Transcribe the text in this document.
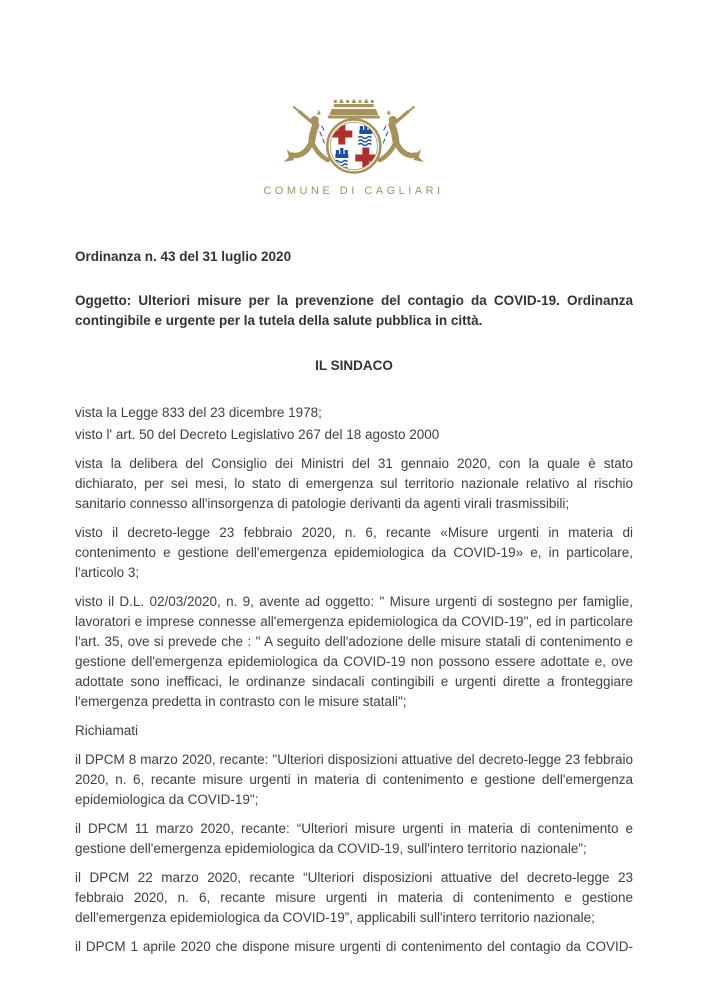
COMUNE DI CAGLIARI

Ordinanza n. 43 del 31 luglio 2020

Oggetto: Ulteriori misure per la prevenzione del contagio da COVID-19. Ordinanza contingibile e urgente per la tutela della salute pubblica in città.

IL SINDACO

vista la Legge 833 del 23 dicembre 1978;

visto l' art. 50 del Decreto Legislativo 267 del 18 agosto 2000

vista la delibera del Consiglio dei Ministri del 31 gennaio 2020, con la quale è stato dichiarato, per sei mesi, lo stato di emergenza sul territorio nazionale relativo al rischio sanitario connesso all'insorgenza di patologie derivanti da agenti virali trasmissibili;

visto il decreto-legge 23 febbraio 2020, n. 6, recante «Misure urgenti in materia di contenimento e gestione dell'emergenza epidemiologica da COVID-19» e, in particolare, l'articolo 3;

visto il D.L. 02/03/2020, n. 9, avente ad oggetto: " Misure urgenti di sostegno per famiglie, lavoratori e imprese connesse all'emergenza epidemiologica da COVID-19", ed in particolare l'art. 35, ove si prevede che : " A seguito dell'adozione delle misure statali di contenimento e gestione dell'emergenza epidemiologica da COVID-19 non possono essere adottate e, ove adottate sono inefficaci, le ordinanze sindacali contingibili e urgenti dirette a fronteggiare l'emergenza predetta in contrasto con le misure statali";

Richiamati

il DPCM 8 marzo 2020, recante: "Ulteriori disposizioni attuative del decreto-legge 23 febbraio 2020, n. 6, recante misure urgenti in materia di contenimento e gestione dell'emergenza epidemiologica da COVID-19";

il DPCM 11 marzo 2020, recante: “Ulteriori misure urgenti in materia di contenimento e gestione dell'emergenza epidemiologica da COVID-19, sull'intero territorio nazionale”;

il DPCM 22 marzo 2020, recante “Ulteriori disposizioni attuative del decreto-legge 23 febbraio 2020, n. 6, recante misure urgenti in materia di contenimento e gestione dell'emergenza epidemiologica da COVID-19”, applicabili sull'intero territorio nazionale;

il DPCM 1 aprile 2020 che dispone misure urgenti di contenimento del contagio da COVID-
